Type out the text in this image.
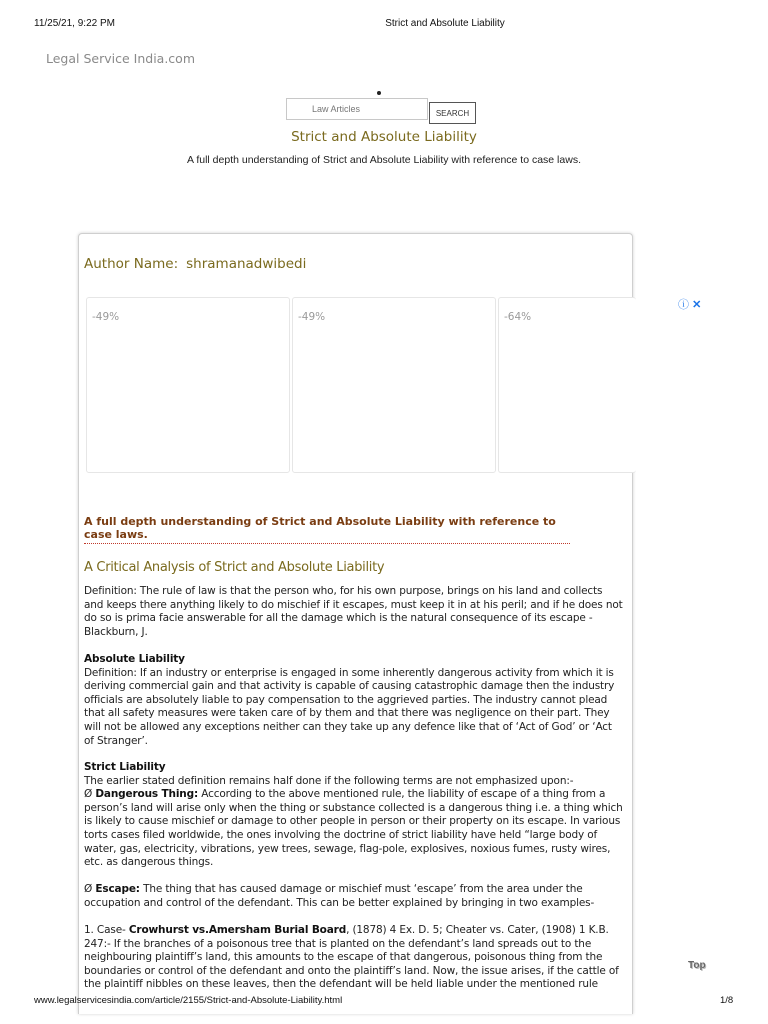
11/25/21, 9:22 PM	Strict and Absolute Liability
Legal Service India.com
Law Articles	SEARCH
Strict and Absolute Liability
A full depth understanding of Strict and Absolute Liability with reference to case laws.
Author Name: shramanadwibedi
-49%	-49%	-64%
ⓘ ✕
A full depth understanding of Strict and Absolute Liability with reference to case laws.
A Critical Analysis of Strict and Absolute Liability
Definition: The rule of law is that the person who, for his own purpose, brings on his land and collects and keeps there anything likely to do mischief if it escapes, must keep it in at his peril; and if he does not do so is prima facie answerable for all the damage which is the natural consequence of its escape - Blackburn, J.
Absolute Liability
Definition: If an industry or enterprise is engaged in some inherently dangerous activity from which it is deriving commercial gain and that activity is capable of causing catastrophic damage then the industry officials are absolutely liable to pay compensation to the aggrieved parties. The industry cannot plead that all safety measures were taken care of by them and that there was negligence on their part. They will not be allowed any exceptions neither can they take up any defence like that of ‘Act of God’ or ‘Act of Stranger’.
Strict Liability
The earlier stated definition remains half done if the following terms are not emphasized upon:-
Ø Dangerous Thing: According to the above mentioned rule, the liability of escape of a thing from a person’s land will arise only when the thing or substance collected is a dangerous thing i.e. a thing which is likely to cause mischief or damage to other people in person or their property on its escape. In various torts cases filed worldwide, the ones involving the doctrine of strict liability have held “large body of water, gas, electricity, vibrations, yew trees, sewage, flag-pole, explosives, noxious fumes, rusty wires, etc. as dangerous things.
Ø Escape: The thing that has caused damage or mischief must ‘escape’ from the area under the occupation and control of the defendant. This can be better explained by bringing in two examples-
1. Case- Crowhurst vs.Amersham Burial Board, (1878) 4 Ex. D. 5; Cheater vs. Cater, (1908) 1 K.B. 247:- If the branches of a poisonous tree that is planted on the defendant’s land spreads out to the neighbouring plaintiff’s land, this amounts to the escape of that dangerous, poisonous thing from the boundaries or control of the defendant and onto the plaintiff’s land. Now, the issue arises, if the cattle of the plaintiff nibbles on these leaves, then the defendant will be held liable under the mentioned rule
Top
www.legalservicesindia.com/article/2155/Strict-and-Absolute-Liability.html	1/8
